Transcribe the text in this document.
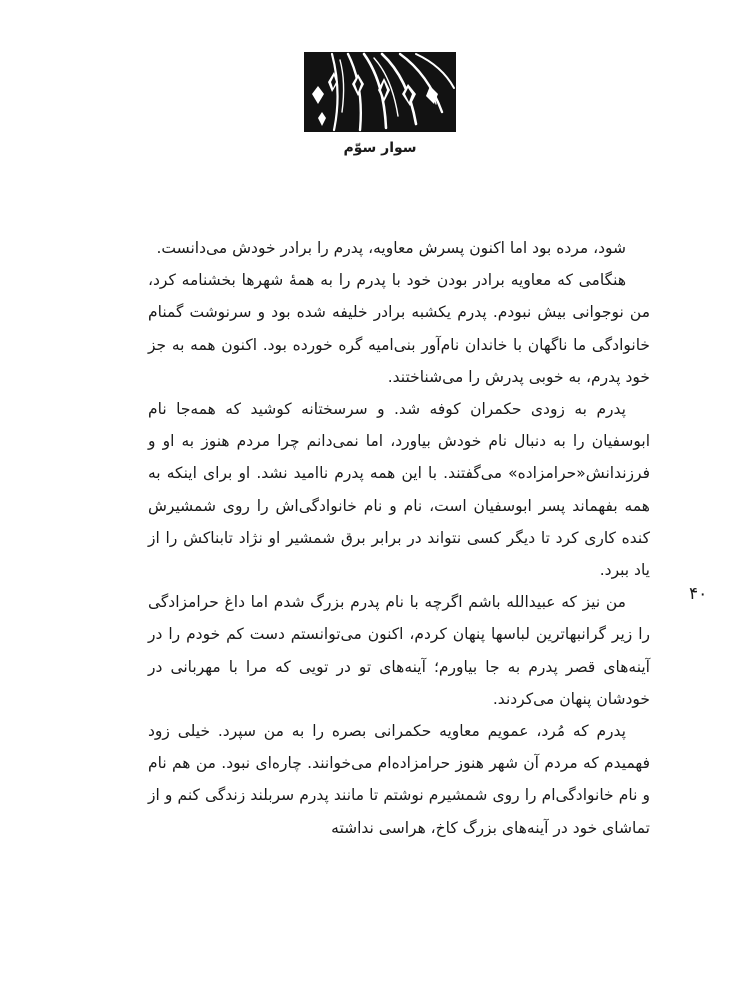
سوار سوّم
۴۰

شود، مرده بود اما اکنون پسرش معاویه، پدرم را برادر خودش می‌دانست.

هنگامی که معاویه برادر بودن خود با پدرم را به همهٔ شهرها بخشنامه کرد، من نوجوانی بیش نبودم. پدرم یکشبه برادر خلیفه شده بود و سرنوشت گمنام خانوادگی ما ناگهان با خاندان نام‌آور بنی‌امیه گره خورده بود. اکنون همه به جز خود پدرم، به خوبی پدرش را می‌شناختند.

پدرم به زودی حکمران کوفه شد. و سرسختانه کوشید که همه‌جا نام ابوسفیان را به دنبال نام خودش بیاورد، اما نمی‌دانم چرا مردم هنوز به او و فرزندانش«حرامزاده» می‌گفتند. با این همه پدرم ناامید نشد. او برای اینکه به همه بفهماند پسر ابوسفیان است، نام و نام خانوادگی‌اش را روی شمشیرش کنده کاری کرد تا دیگر کسی نتواند در برابر برق شمشیر او نژاد تابناکش را از یاد ببرد.

من نیز که عبیدالله باشم اگرچه با نام پدرم بزرگ شدم اما داغ حرامزادگی را زیر گرانبهاترین لباسها پنهان کردم، اکنون می‌توانستم دست کم خودم را در آینه‌های قصر پدرم به جا بیاورم؛ آینه‌های تو در تویی که مرا با مهربانی در خودشان پنهان می‌کردند.

پدرم که مُرد، عمویم معاویه حکمرانی بصره را به من سپرد. خیلی زود فهمیدم که مردم آن شهر هنوز حرامزاده‌ام می‌خوانند. چاره‌ای نبود. من هم نام و نام خانوادگی‌ام را روی شمشیرم نوشتم تا مانند پدرم سربلند زندگی کنم و از تماشای خود در آینه‌های بزرگ کاخ، هراسی نداشته
